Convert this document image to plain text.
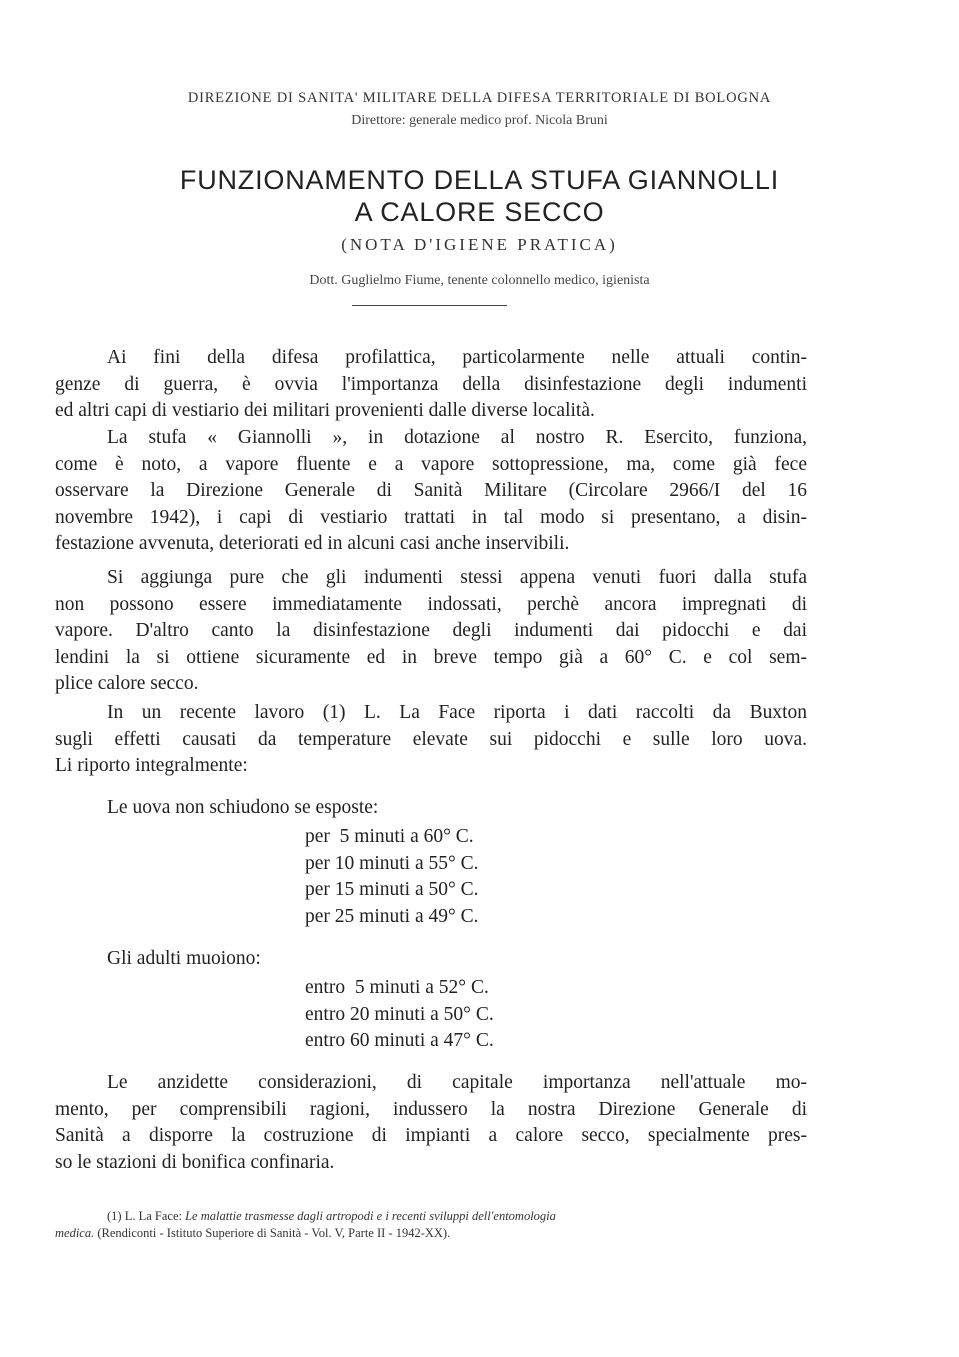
DIREZIONE DI SANITA' MILITARE DELLA DIFESA TERRITORIALE DI BOLOGNA
Direttore: generale medico prof. Nicola Bruni
FUNZIONAMENTO DELLA STUFA GIANNOLLI
A CALORE SECCO
(NOTA D'IGIENE PRATICA)
Dott. Guglielmo Fiume, tenente colonnello medico, igienista
Ai fini della difesa profilattica, particolarmente nelle attuali contin-
genze di guerra, è ovvia l'importanza della disinfestazione degli indumenti
ed altri capi di vestiario dei militari provenienti dalle diverse località.
La stufa « Giannolli », in dotazione al nostro R. Esercito, funziona,
come è noto, a vapore fluente e a vapore sottopressione, ma, come già fece
osservare la Direzione Generale di Sanità Militare (Circolare 2966/I del 16
novembre 1942), i capi di vestiario trattati in tal modo si presentano, a disin-
festazione avvenuta, deteriorati ed in alcuni casi anche inservibili.
Si aggiunga pure che gli indumenti stessi appena venuti fuori dalla stufa
non possono essere immediatamente indossati, perchè ancora impregnati di
vapore. D'altro canto la disinfestazione degli indumenti dai pidocchi e dai
lendini la si ottiene sicuramente ed in breve tempo già a 60° C. e col sem-
plice calore secco.
In un recente lavoro (1) L. La Face riporta i dati raccolti da Buxton
sugli effetti causati da temperature elevate sui pidocchi e sulle loro uova.
Li riporto integralmente:
Le uova non schiudono se esposte:
per  5 minuti a 60° C.
per 10 minuti a 55° C.
per 15 minuti a 50° C.
per 25 minuti a 49° C.
Gli adulti muoiono:
entro  5 minuti a 52° C.
entro 20 minuti a 50° C.
entro 60 minuti a 47° C.
Le anzidette considerazioni, di capitale importanza nell'attuale mo-
mento, per comprensibili ragioni, indussero la nostra Direzione Generale di
Sanità a disporre la costruzione di impianti a calore secco, specialmente pres-
so le stazioni di bonifica confinaria.
(1) L. La Face: Le malattie trasmesse dagli artropodi e i recenti sviluppi dell'entomologia
medica. (Rendiconti - Istituto Superiore di Sanità - Vol. V, Parte II - 1942-XX).
